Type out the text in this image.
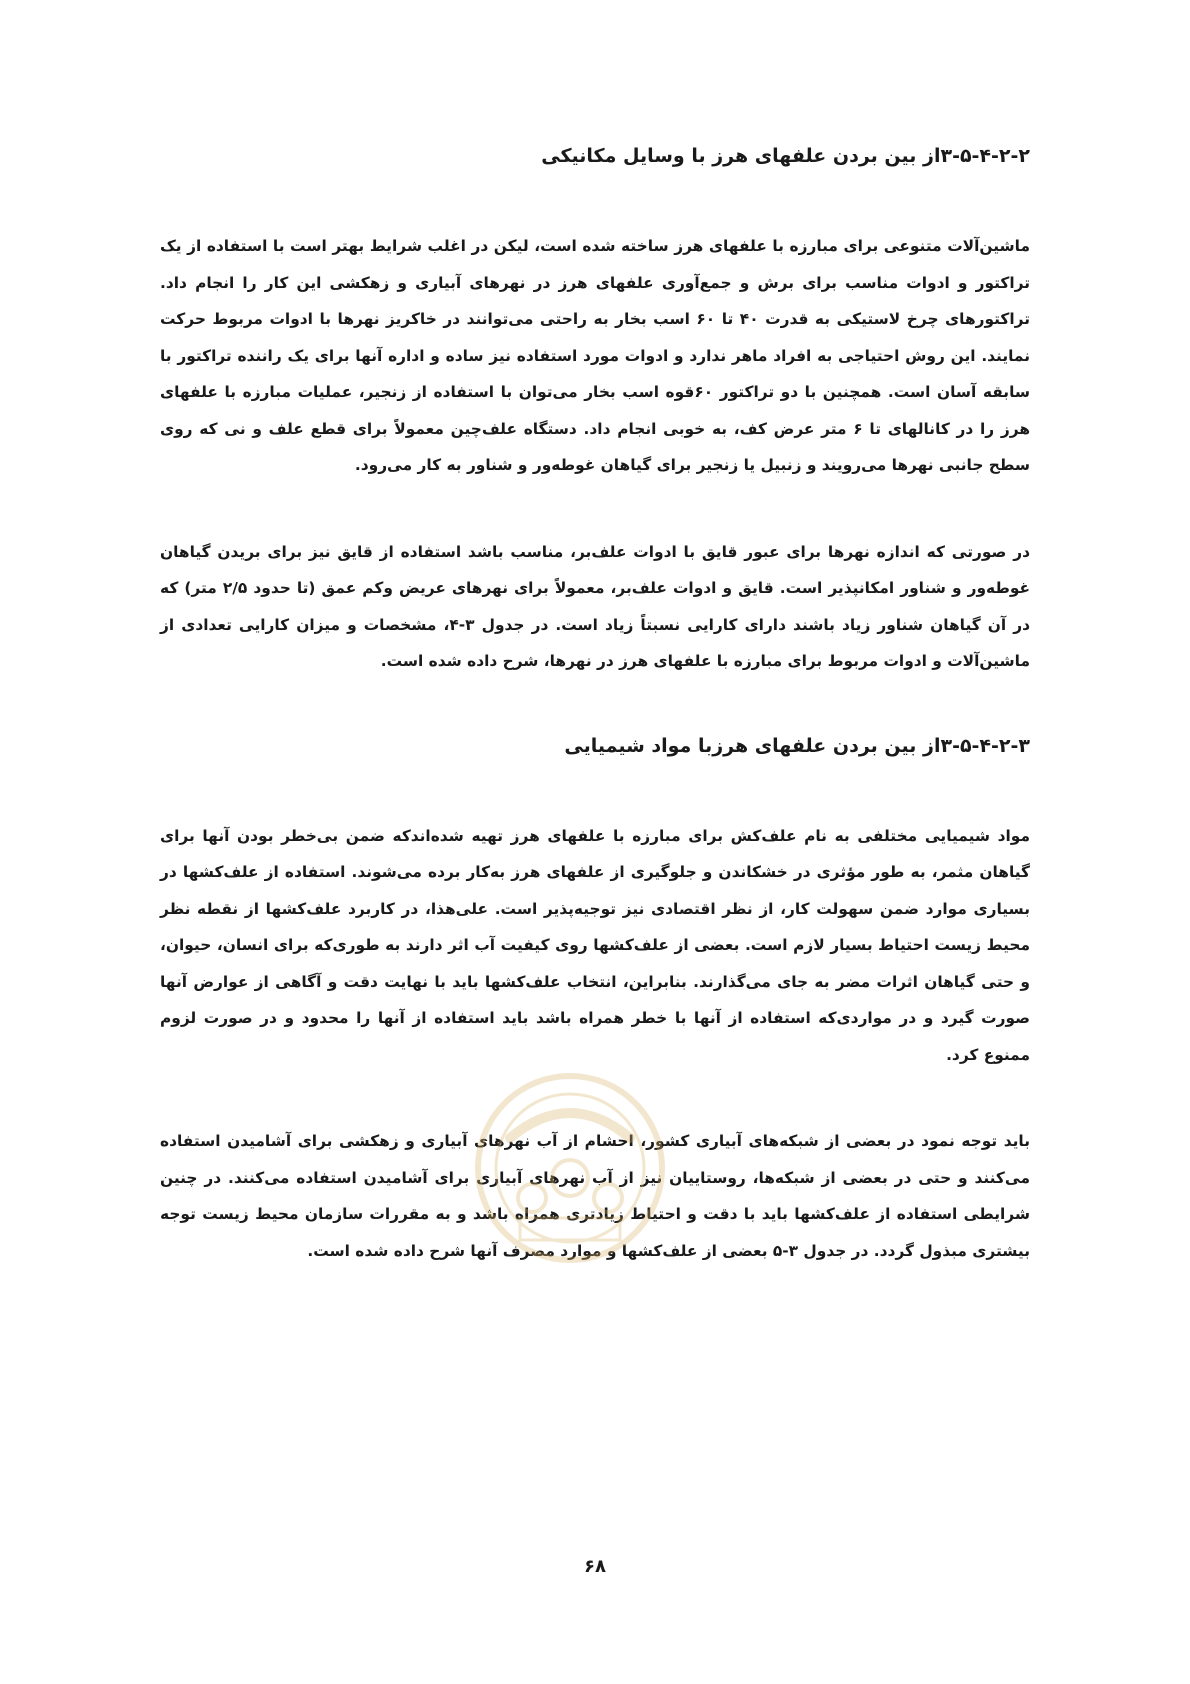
۳-۵-۴-۲-۲از بین بردن علفهای هرز با وسایل مکانیکی

ماشین‌آلات متنوعی برای مبارزه با علفهای هرز ساخته شده است، لیکن در اغلب شرایط بهتر است با استفاده از یک تراکتور و ادوات مناسب برای برش و جمع‌آوری علفهای هرز در نهرهای آبیاری و زهکشی این کار را انجام داد. تراکتورهای چرخ لاستیکی به قدرت ۴۰ تا ۶۰ اسب بخار به راحتی می‌توانند در خاکریز نهرها با ادوات مربوط حرکت نمایند. این روش احتیاجی به افراد ماهر ندارد و ادوات مورد استفاده نیز ساده و اداره آنها برای یک راننده تراکتور با سابقه آسان است. همچنین با دو تراکتور ۶۰قوه اسب بخار می‌توان با استفاده از زنجیر، عملیات مبارزه با علفهای هرز را در کانالهای تا ۶ متر عرض کف، به خوبی انجام داد. دستگاه علف‌چین معمولاً برای قطع علف و نی که روی سطح جانبی نهرها می‌رویند و زنبیل یا زنجیر برای گیاهان غوطه‌ور و شناور به کار می‌رود.

در صورتی که اندازه نهرها برای عبور قایق با ادوات علف‌بر، مناسب باشد استفاده از قایق نیز برای بریدن گیاهان غوطه‌ور و شناور امکانپذیر است. قایق و ادوات علف‌بر، معمولاً برای نهرهای عریض وکم عمق (تا حدود ۲/۵ متر) که در آن گیاهان شناور زیاد باشند دارای کارایی نسبتاً زیاد است. در جدول ۳-۴، مشخصات و میزان کارایی تعدادی از ماشین‌آلات و ادوات مربوط برای مبارزه با علفهای هرز در نهرها، شرح داده شده است.

۳-۵-۴-۲-۳از بین بردن علفهای هرزبا مواد شیمیایی

مواد شیمیایی مختلفی به نام علف‌کش برای مبارزه با علفهای هرز تهیه شده‌اندکه ضمن بی‌خطر بودن آنها برای گیاهان مثمر، به طور مؤثری در خشکاندن و جلوگیری از علفهای هرز به‌کار برده می‌شوند. استفاده از علف‌کشها در بسیاری موارد ضمن سهولت کار، از نظر اقتصادی نیز توجیه‌پذیر است. علی‌هذا، در کاربرد علف‌کشها از نقطه نظر محیط زیست احتیاط بسیار لازم است. بعضی از علف‌کشها روی کیفیت آب اثر دارند به طوری‌که برای انسان، حیوان، و حتی گیاهان اثرات مضر به جای می‌گذارند. بنابراین، انتخاب علف‌کشها باید با نهایت دقت و آگاهی از عوارض آنها صورت گیرد و در مواردی‌که استفاده از آنها با خطر همراه باشد باید استفاده از آنها را محدود و در صورت لزوم ممنوع کرد.

باید توجه نمود در بعضی از شبکه‌های آبیاری کشور، احشام از آب نهرهای آبیاری و زهکشی برای آشامیدن استفاده می‌کنند و حتی در بعضی از شبکه‌ها، روستاییان نیز از آب نهرهای آبیاری برای آشامیدن استفاده می‌کنند. در چنین شرایطی استفاده از علف‌کشها باید با دقت و احتیاط زیادتری همراه باشد و به مقررات سازمان محیط زیست توجه بیشتری مبذول گردد. در جدول ۳-۵ بعضی از علف‌کشها و موارد مصرف آنها شرح داده شده است.

۶۸
